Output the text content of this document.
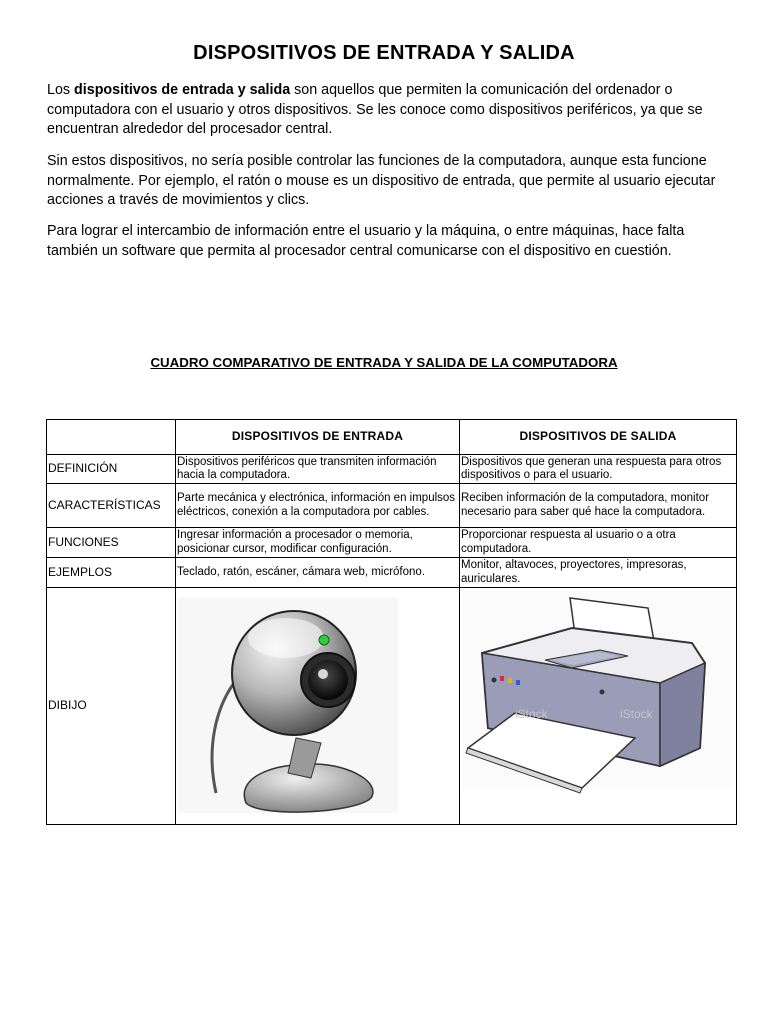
DISPOSITIVOS DE ENTRADA Y SALIDA

Los dispositivos de entrada y salida son aquellos que permiten la comunicación del ordenador o computadora con el usuario y otros dispositivos. Se les conoce como dispositivos periféricos, ya que se encuentran alrededor del procesador central.

Sin estos dispositivos, no sería posible controlar las funciones de la computadora, aunque esta funcione normalmente. Por ejemplo, el ratón o mouse es un dispositivo de entrada, que permite al usuario ejecutar acciones a través de movimientos y clics.

Para lograr el intercambio de información entre el usuario y la máquina, o entre máquinas, hace falta también un software que permita al procesador central comunicarse con el dispositivo en cuestión.

CUADRO COMPARATIVO DE ENTRADA Y SALIDA DE LA COMPUTADORA
	DISPOSITIVOS DE ENTRADA	DISPOSITIVOS DE SALIDA
DEFINICIÓN	Dispositivos periféricos que transmiten información hacia la computadora.	Dispositivos que generan una respuesta para otros dispositivos o para el usuario.
CARACTERÍSTICAS	Parte mecánica y electrónica, información en impulsos eléctricos, conexión a la computadora por cables.	Reciben información de la computadora, monitor necesario para saber qué hace la computadora.
FUNCIONES	Ingresar información a procesador o memoria, posicionar cursor, modificar configuración.	Proporcionar respuesta al usuario o a otra computadora.
EJEMPLOS	Teclado, ratón, escáner, cámara web, micrófono.	Monitor, altavoces, proyectores, impresoras, auriculares.
DIBIJO		iStock iStock
